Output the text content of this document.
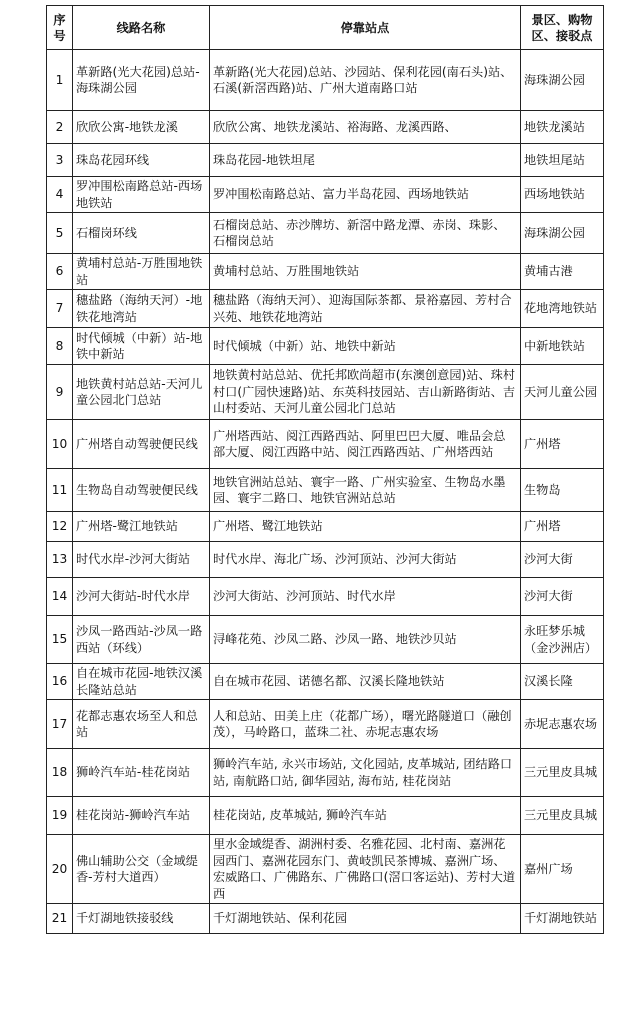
序号	线路名称	停靠站点	景区、购物区、接驳点
1	革新路(光大花园)总站-海珠湖公园	革新路(光大花园)总站、沙园站、保利花园(南石头)站、石溪(新滘西路)站、广州大道南路口站	海珠湖公园
2	欣欣公寓-地铁龙溪	欣欣公寓、地铁龙溪站、裕海路、龙溪西路、	地铁龙溪站
3	珠岛花园环线	珠岛花园-地铁坦尾	地铁坦尾站
4	罗冲围松南路总站-西场地铁站	罗冲围松南路总站、富力半岛花园、西场地铁站	西场地铁站
5	石榴岗环线	石榴岗总站、赤沙牌坊、新滘中路龙潭、赤岗、珠影、石榴岗总站	海珠湖公园
6	黄埔村总站-万胜围地铁站	黄埔村总站、万胜围地铁站	黄埔古港
7	穗盐路（海纳天河）-地铁花地湾站	穗盐路（海纳天河）、迎海国际茶都、景裕嘉园、芳村合兴苑、地铁花地湾站	花地湾地铁站
8	时代倾城（中新）站-地铁中新站	时代倾城（中新）站、地铁中新站	中新地铁站
9	地铁黄村站总站-天河儿童公园北门总站	地铁黄村站总站、优托邦欧尚超市(东澳创意园)站、珠村村口(广园快速路)站、东英科技园站、吉山新路街站、吉山村委站、天河儿童公园北门总站	天河儿童公园
10	广州塔自动驾驶便民线	广州塔西站、阅江西路西站、阿里巴巴大厦、唯品会总部大厦、阅江西路中站、阅江西路西站、广州塔西站	广州塔
11	生物岛自动驾驶便民线	地铁官洲站总站、寰宇一路、广州实验室、生物岛水墨园、寰宇二路口、地铁官洲站总站	生物岛
12	广州塔-鹭江地铁站	广州塔、鹭江地铁站	广州塔
13	时代水岸-沙河大街站	时代水岸、海北广场、沙河顶站、沙河大街站	沙河大街
14	沙河大街站-时代水岸	沙河大街站、沙河顶站、时代水岸	沙河大街
15	沙凤一路西站-沙凤一路西站（环线）	浔峰花苑、沙凤二路、沙凤一路、地铁沙贝站	永旺梦乐城（金沙洲店）
16	自在城市花园-地铁汉溪长隆站总站	自在城市花园、诺德名都、汉溪长隆地铁站	汉溪长隆
17	花都志惠农场至人和总站	人和总站、田美上庄（花都广场），曙光路隧道口（融创茂），马岭路口，蓝珠二社、赤坭志惠农场	赤坭志惠农场
18	狮岭汽车站-桂花岗站	狮岭汽车站, 永兴市场站, 文化园站, 皮革城站, 团结路口站, 南航路口站, 御华园站, 海布站, 桂花岗站	三元里皮具城
19	桂花岗站-狮岭汽车站	桂花岗站, 皮革城站, 狮岭汽车站	三元里皮具城
20	佛山辅助公交（金域缇香-芳村大道西）	里水金域缇香、湖洲村委、名雅花园、北村南、嘉洲花园西门、嘉洲花园东门、黄岐凯民茶博城、嘉洲广场、宏威路口、广佛路东、广佛路口(滘口客运站)、芳村大道西	嘉州广场
21	千灯湖地铁接驳线	千灯湖地铁站、保利花园	千灯湖地铁站
